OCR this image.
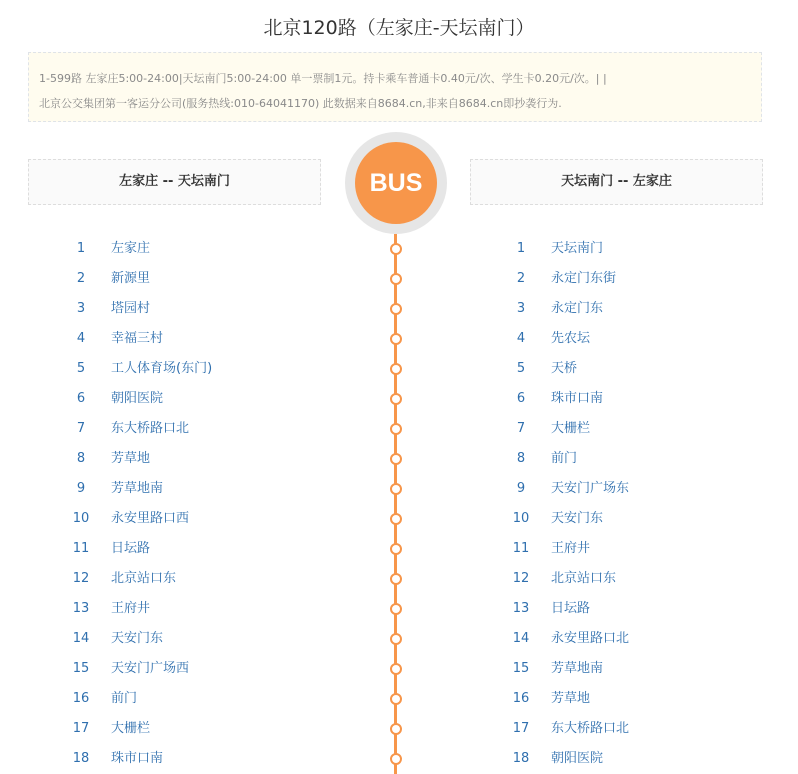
北京120路（左家庄-天坛南门）
1-599路 左家庄5:00-24:00|天坛南门5:00-24:00 单一票制1元。持卡乘车普通卡0.40元/次、学生卡0.20元/次。| |
北京公交集团第一客运分公司(服务热线:010-64041170) 此数据来自8684.cn,非来自8684.cn即抄袭行为.
左家庄 -- 天坛南门	天坛南门 -- 左家庄
BUS
1 左家庄
2 新源里
3 塔园村
4 幸福三村
5 工人体育场(东门)
6 朝阳医院
7 东大桥路口北
8 芳草地
9 芳草地南
10 永安里路口西
11 日坛路
12 北京站口东
13 王府井
14 天安门东
15 天安门广场西
16 前门
17 大栅栏
18 珠市口南
1 天坛南门
2 永定门东街
3 永定门东
4 先农坛
5 天桥
6 珠市口南
7 大栅栏
8 前门
9 天安门广场东
10 天安门东
11 王府井
12 北京站口东
13 日坛路
14 永安里路口北
15 芳草地南
16 芳草地
17 东大桥路口北
18 朝阳医院
